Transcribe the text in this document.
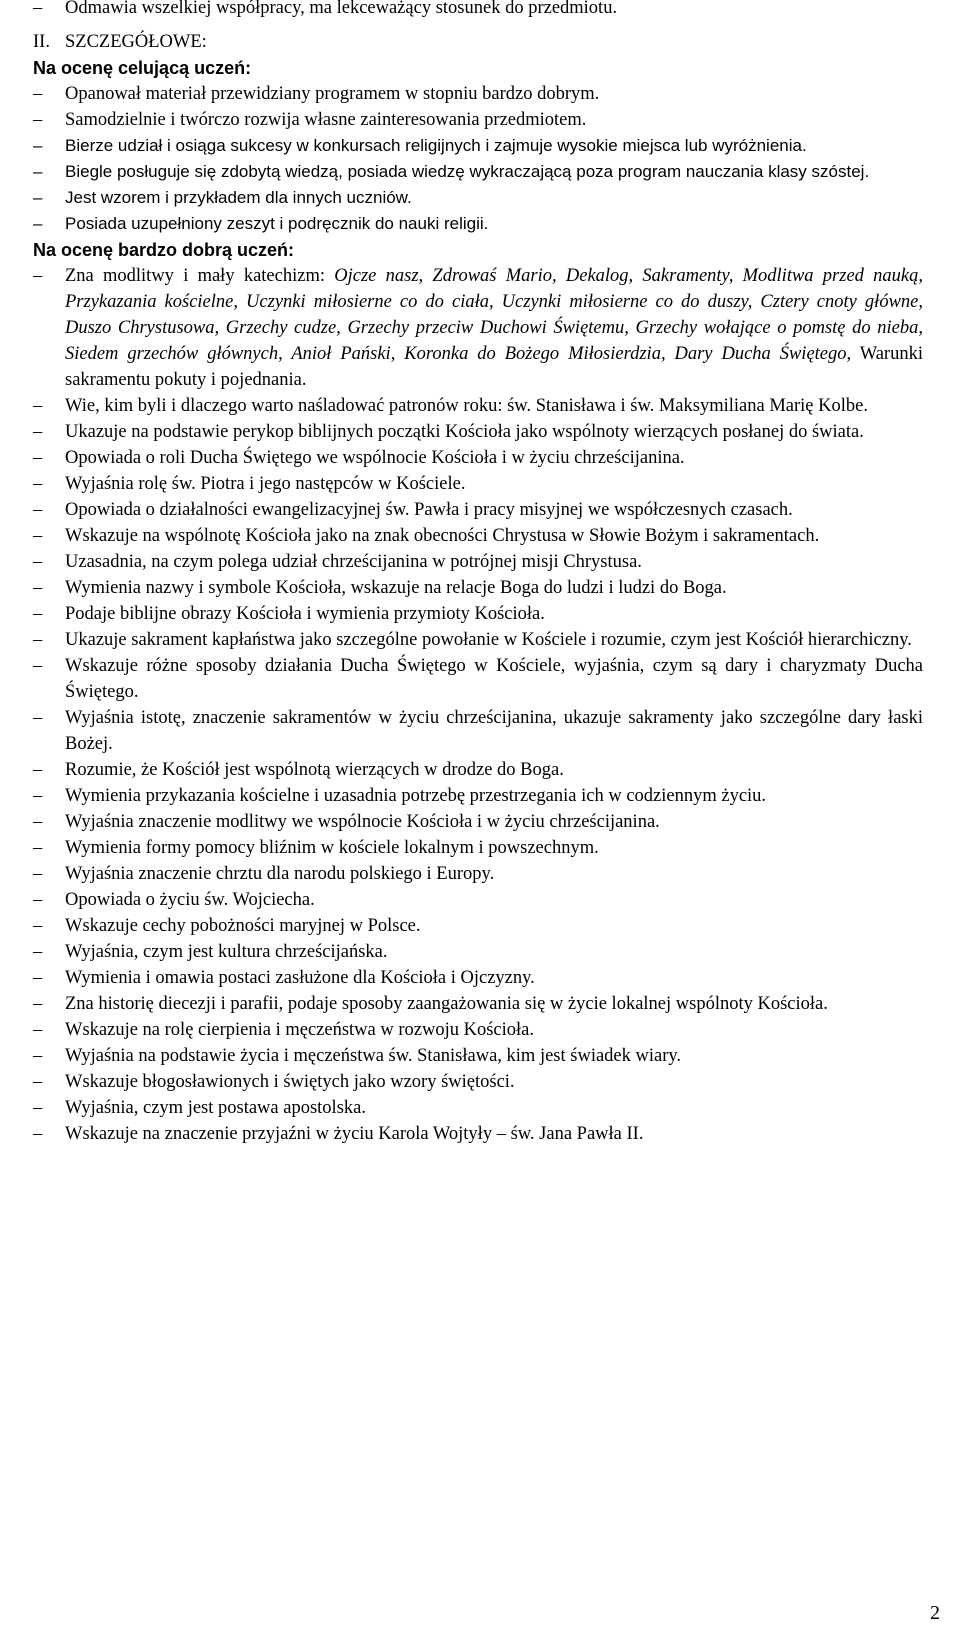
–	Odmawia wszelkiej współpracy, ma lekceważący stosunek do przedmiotu.
II. SZCZEGÓŁOWE:
Na ocenę celującą uczeń:
–	Opanował materiał przewidziany programem w stopniu bardzo dobrym.
–	Samodzielnie i twórczo rozwija własne zainteresowania przedmiotem.
–	Bierze udział i osiąga sukcesy w konkursach religijnych i zajmuje wysokie miejsca lub wyróżnienia.
–	Biegle posługuje się zdobytą wiedzą, posiada wiedzę wykraczającą poza program nauczania klasy szóstej.
–	Jest wzorem i przykładem dla innych uczniów.
–	Posiada uzupełniony zeszyt i podręcznik do nauki religii.
Na ocenę bardzo dobrą uczeń:
–	Zna modlitwy i mały katechizm: Ojcze nasz, Zdrowaś Mario, Dekalog, Sakramenty, Modlitwa przed nauką, Przykazania kościelne, Uczynki miłosierne co do ciała, Uczynki miłosierne co do duszy, Cztery cnoty główne, Duszo Chrystusowa, Grzechy cudze, Grzechy przeciw Duchowi Świętemu, Grzechy wołające o pomstę do nieba, Siedem grzechów głównych, Anioł Pański, Koronka do Bożego Miłosierdzia, Dary Ducha Świętego, Warunki sakramentu pokuty i pojednania.
–	Wie, kim byli i dlaczego warto naśladować patronów roku: św. Stanisława i św. Maksymiliana Marię Kolbe.
–	Ukazuje na podstawie perykop biblijnych początki Kościoła jako wspólnoty wierzących posłanej do świata.
–	Opowiada o roli Ducha Świętego we wspólnocie Kościoła i w życiu chrześcijanina.
–	Wyjaśnia rolę św. Piotra i jego następców w Kościele.
–	Opowiada o działalności ewangelizacyjnej św. Pawła i pracy misyjnej we współczesnych czasach.
–	Wskazuje na wspólnotę Kościoła jako na znak obecności Chrystusa w Słowie Bożym i sakramentach.
–	Uzasadnia, na czym polega udział chrześcijanina w potrójnej misji Chrystusa.
–	Wymienia nazwy i symbole Kościoła, wskazuje na relacje Boga do ludzi i ludzi do Boga.
–	Podaje biblijne obrazy Kościoła i wymienia przymioty Kościoła.
–	Ukazuje sakrament kapłaństwa jako szczególne powołanie w Kościele i rozumie, czym jest Kościół hierarchiczny.
–	Wskazuje różne sposoby działania Ducha Świętego w Kościele, wyjaśnia, czym są dary i charyzmaty Ducha Świętego.
–	Wyjaśnia istotę, znaczenie sakramentów w życiu chrześcijanina, ukazuje sakramenty jako szczególne dary łaski Bożej.
–	Rozumie, że Kościół jest wspólnotą wierzących w drodze do Boga.
–	Wymienia przykazania kościelne i uzasadnia potrzebę przestrzegania ich w codziennym życiu.
–	Wyjaśnia znaczenie modlitwy we wspólnocie Kościoła i w życiu chrześcijanina.
–	Wymienia formy pomocy bliźnim w kościele lokalnym i powszechnym.
–	Wyjaśnia znaczenie chrztu dla narodu polskiego i Europy.
–	Opowiada o życiu św. Wojciecha.
–	Wskazuje cechy pobożności maryjnej w Polsce.
–	Wyjaśnia, czym jest kultura chrześcijańska.
–	Wymienia i omawia postaci zasłużone dla Kościoła i Ojczyzny.
–	Zna historię diecezji i parafii, podaje sposoby zaangażowania się w życie lokalnej wspólnoty Kościoła.
–	Wskazuje na rolę cierpienia i męczeństwa w rozwoju Kościoła.
–	Wyjaśnia na podstawie życia i męczeństwa św. Stanisława, kim jest świadek wiary.
–	Wskazuje błogosławionych i świętych jako wzory świętości.
–	Wyjaśnia, czym jest postawa apostolska.
–	Wskazuje na znaczenie przyjaźni w życiu Karola Wojtyły – św. Jana Pawła II.
2
